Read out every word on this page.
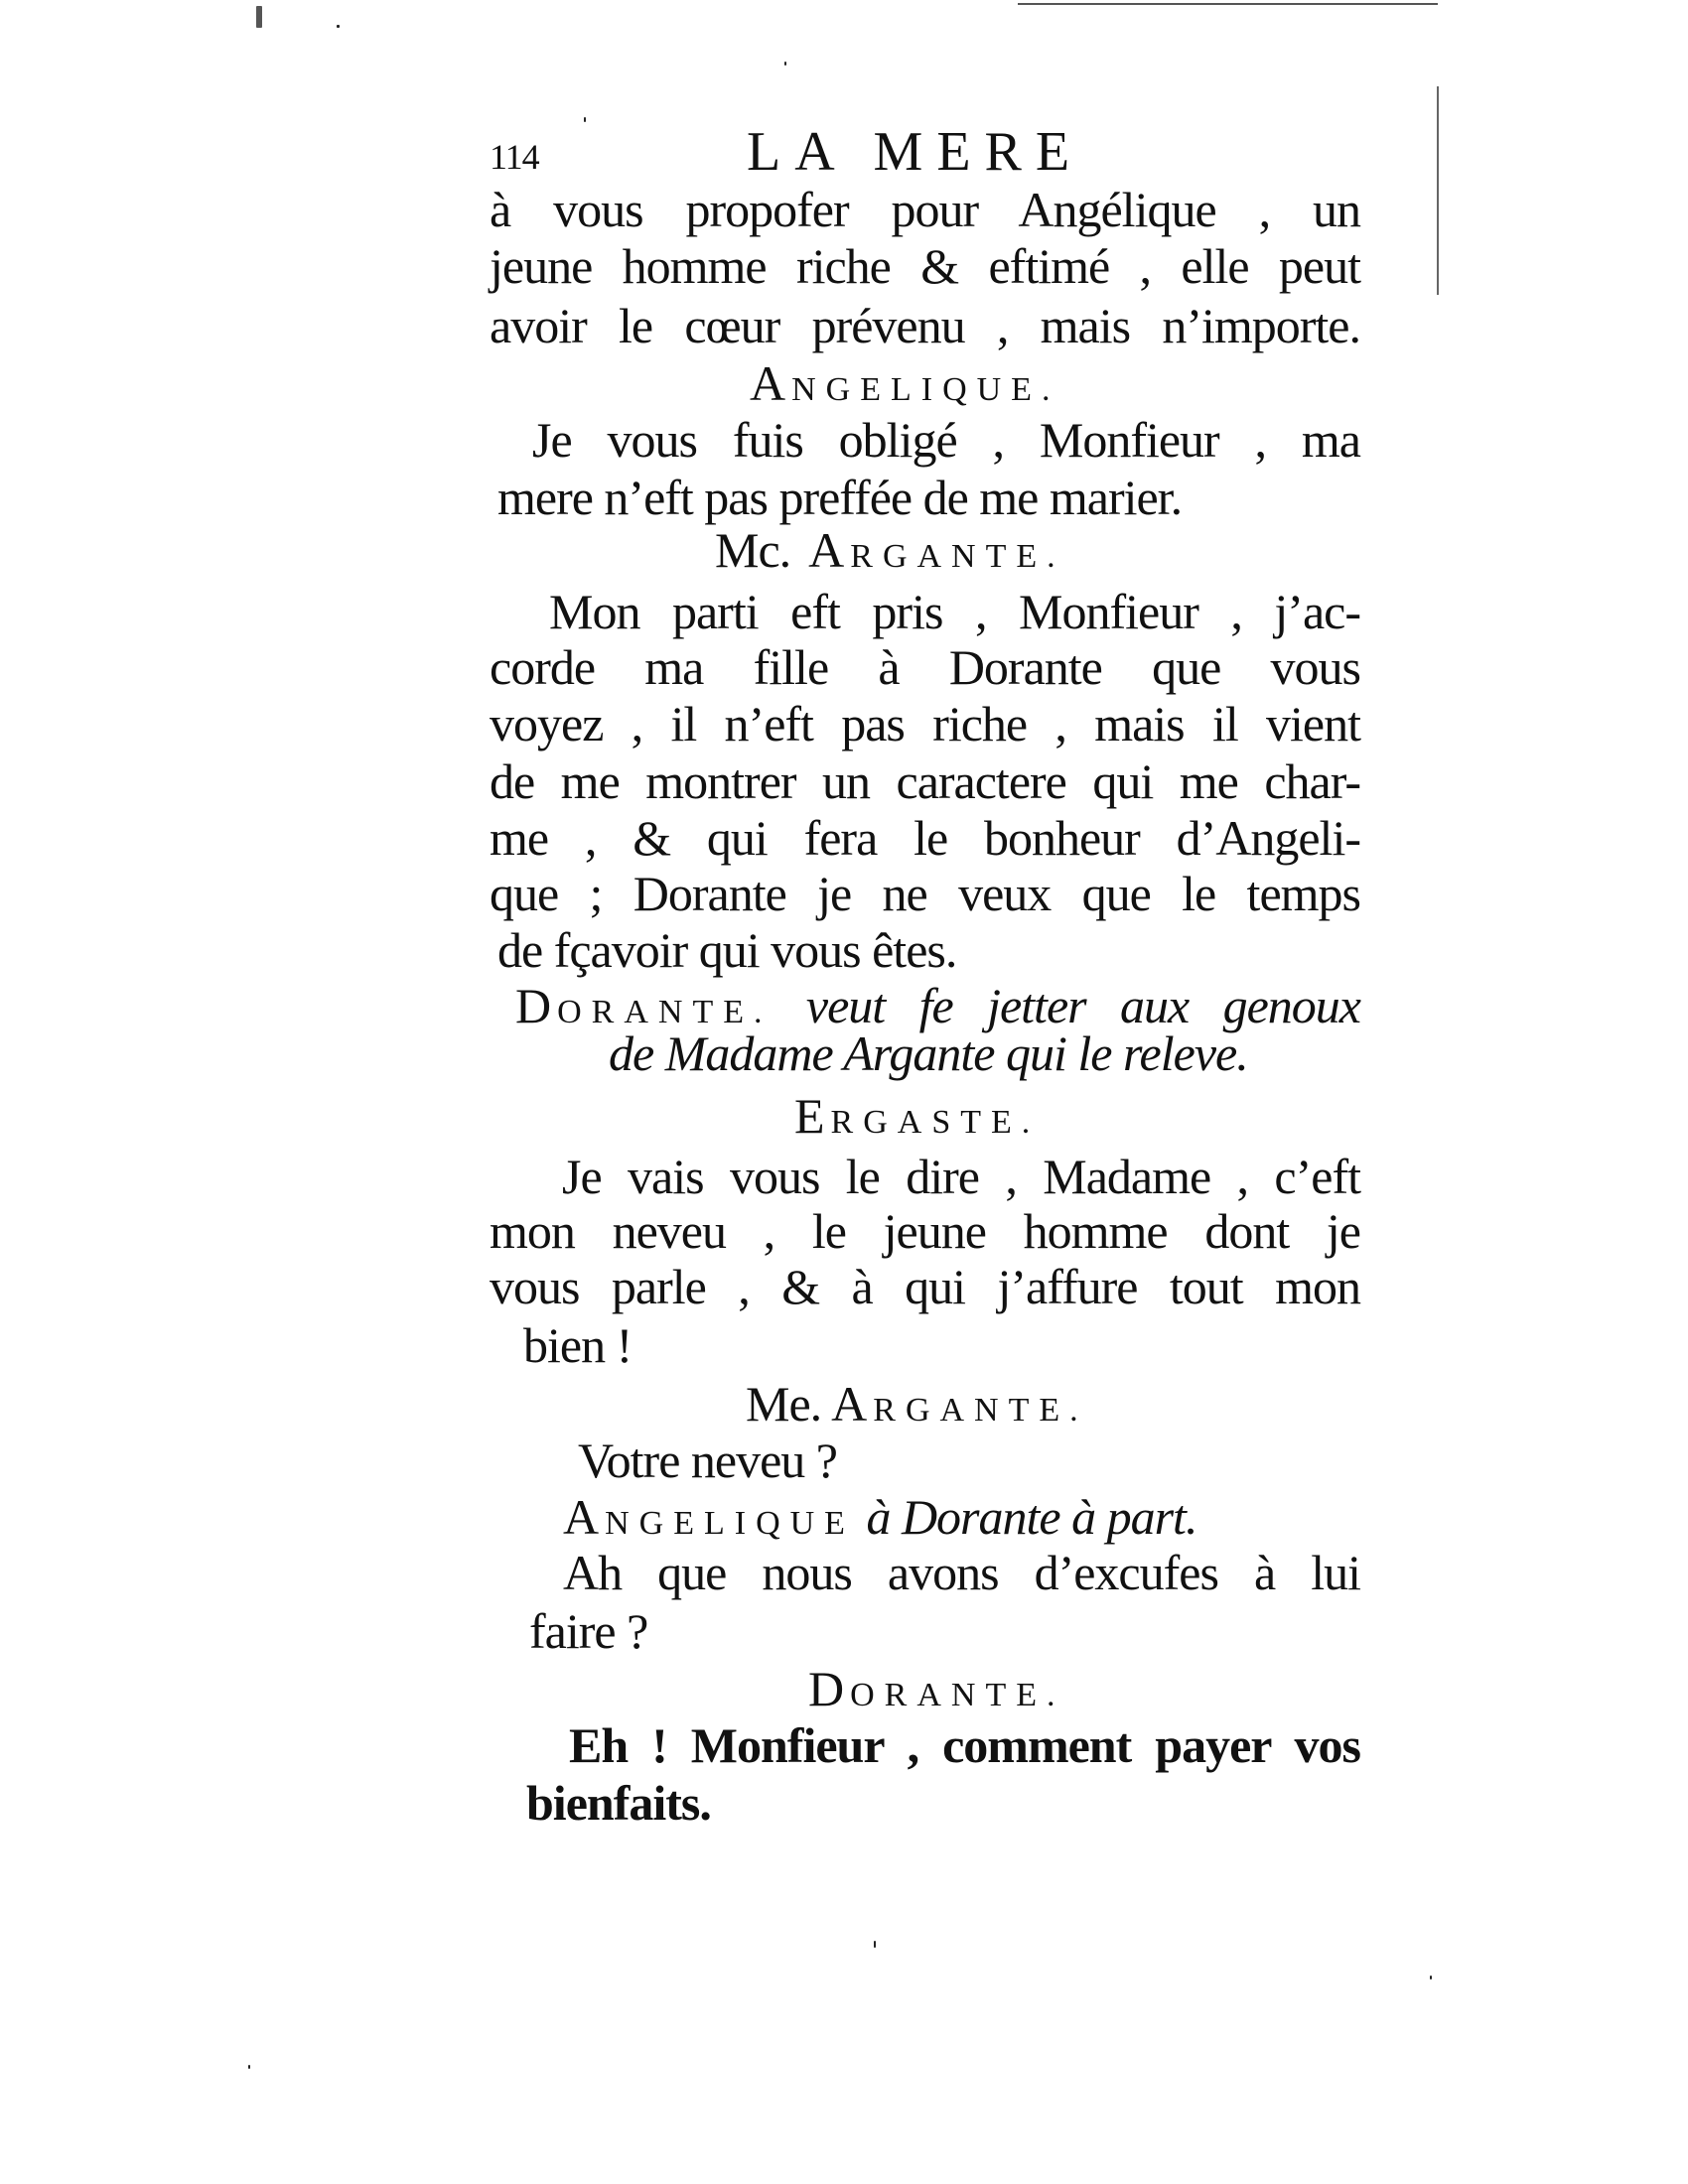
114	LA MERE
à vous propofer pour Angélique , un
jeune homme riche & eftimé , elle peut
avoir le cœur prévenu , mais n’importe.
ANGELIQUE.
Je vous fuis obligé , Monfieur , ma
mere n’eft pas preffée de me marier.
Mc. ARGANTE.
Mon parti eft pris , Monfieur , j’ac-
corde ma fille à Dorante que vous
voyez , il n’eft pas riche , mais il vient
de me montrer un caractere qui me char-
me , & qui fera le bonheur d’Angeli-
que ; Dorante je ne veux que le temps
de fçavoir qui vous êtes.
DORANTE. veut fe jetter aux genoux
de Madame Argante qui le releve.
ERGASTE.
Je vais vous le dire , Madame , c’eft
mon neveu , le jeune homme dont je
vous parle , & à qui j’affure tout mon
bien !
Me. ARGANTE.
Votre neveu ?
ANGELIQUE à Dorante à part.
Ah que nous avons d’excufes à lui
faire ?
DORANTE.
Eh ! Monfieur , comment payer vos
bienfaits.
